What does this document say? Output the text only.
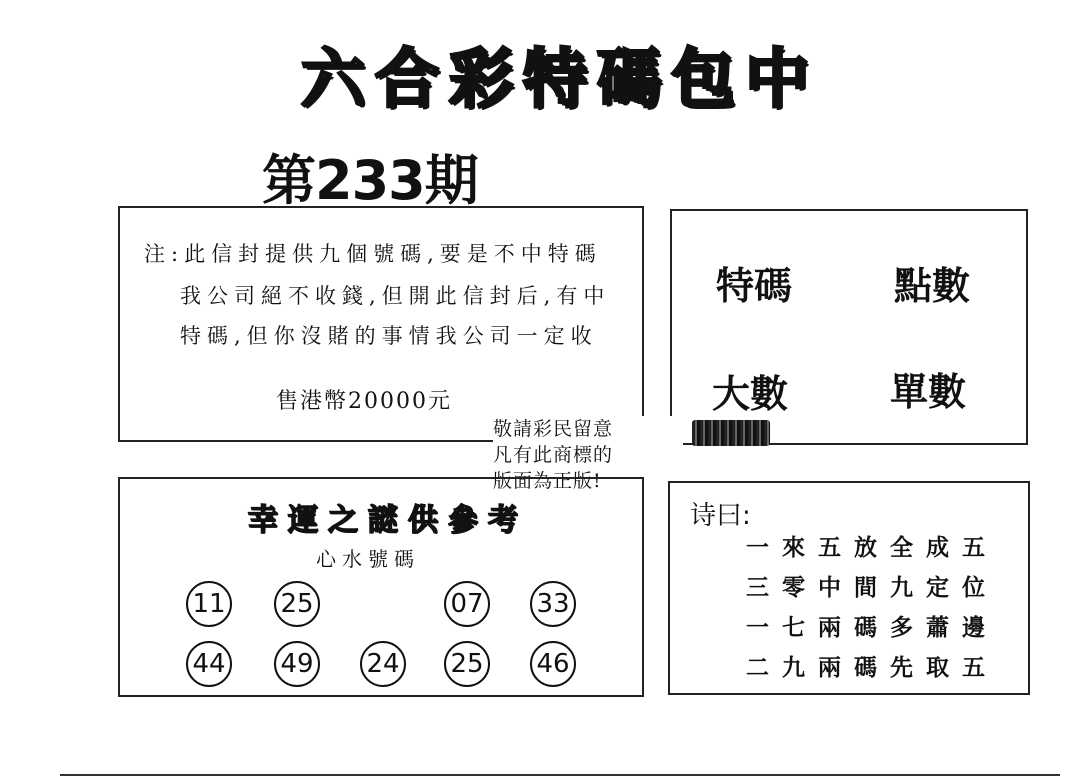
六合彩特碼包中
第233期
注:此信封提供九個號碼,要是不中特碼
我公司絕不收錢,但開此信封后,有中
特碼,但你沒賭的事情我公司一定收
售港幣20000元
特碼	點數
大數	單數
敬請彩民留意
凡有此商標的
版面為正版!
幸運之謎供參考
心水號碼
11 25	07 33
44 49 24 25 46
诗曰:
一來五放全成五
三零中間九定位
一七兩碼多蕭邊
二九兩碼先取五
